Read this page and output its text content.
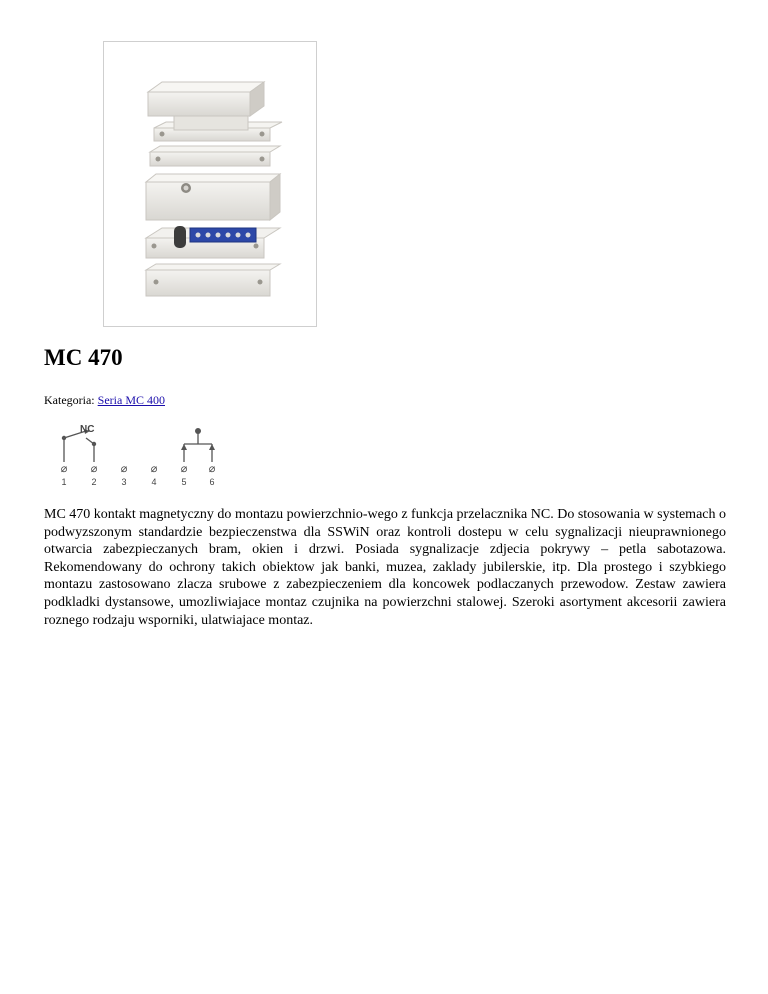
MC 470
Kategoria: Seria MC 400
NC
⌀ ⌀ ⌀ ⌀ ⌀ ⌀
1	2	3	4	5	6

MC 470 kontakt magnetyczny do montazu powierzchnio-wego z funkcja przelacznika NC. Do stosowania w systemach o podwyzszonym standardzie bezpieczenstwa dla SSWiN oraz kontroli dostepu w celu sygnalizacji nieuprawnionego otwarcia zabezpieczanych bram, okien i drzwi. Posiada sygnalizacje zdjecia pokrywy – petla sabotazowa. Rekomendowany do ochrony takich obiektow jak banki, muzea, zaklady jubilerskie, itp. Dla prostego i szybkiego montazu zastosowano zlacza srubowe z zabezpieczeniem dla koncowek podlaczanych przewodow. Zestaw zawiera podkladki dystansowe, umozliwiajace montaz czujnika na powierzchni stalowej. Szeroki asortyment akcesorii zawiera roznego rodzaju wsporniki, ulatwiajace montaz.
